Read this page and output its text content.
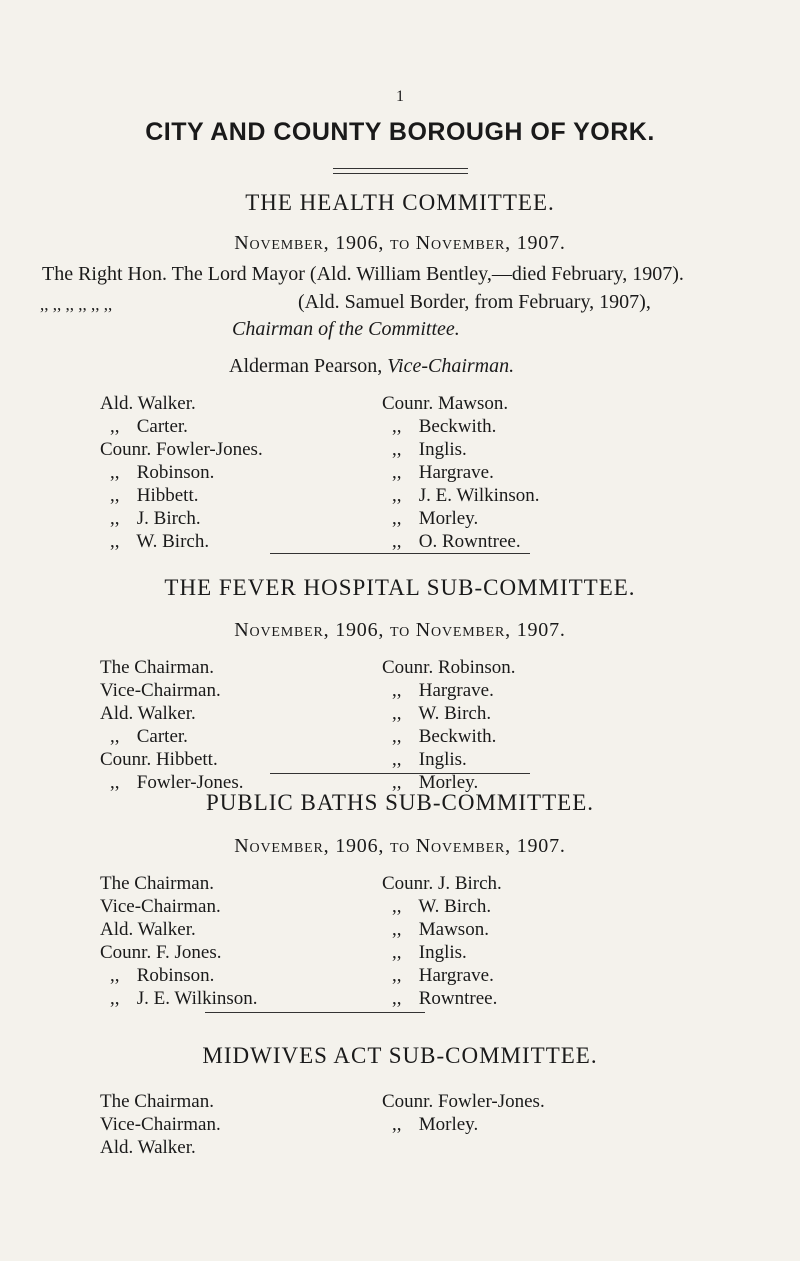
1
CITY AND COUNTY BOROUGH OF YORK.
THE HEALTH COMMITTEE.
November, 1906, to November, 1907.
The Right Hon. The Lord Mayor (Ald. William Bentley,—died February, 1907).
,, ,, ,, ,, ,, ,,	(Ald. Samuel Border, from February, 1907),
Chairman of the Committee.
Alderman Pearson, Vice-Chairman.
Ald. Walker.
,, Carter.
Counr. Fowler-Jones.
,, Robinson.
,, Hibbett.
,, J. Birch.
,, W. Birch.
Counr. Mawson.
,, Beckwith.
,, Inglis.
,, Hargrave.
,, J. E. Wilkinson.
,, Morley.
,, O. Rowntree.
THE FEVER HOSPITAL SUB-COMMITTEE.
November, 1906, to November, 1907.
The Chairman.
Vice-Chairman.
Ald. Walker.
,, Carter.
Counr. Hibbett.
,, Fowler-Jones.
Counr. Robinson.
,, Hargrave.
,, W. Birch.
,, Beckwith.
,, Inglis.
,, Morley.
PUBLIC BATHS SUB-COMMITTEE.
November, 1906, to November, 1907.
The Chairman.
Vice-Chairman.
Ald. Walker.
Counr. F. Jones.
,, Robinson.
,, J. E. Wilkinson.
Counr. J. Birch.
,, W. Birch.
,, Mawson.
,, Inglis.
,, Hargrave.
,, Rowntree.
MIDWIVES ACT SUB-COMMITTEE.
The Chairman.
Vice-Chairman.
Ald. Walker.
Counr. Fowler-Jones.
,, Morley.
